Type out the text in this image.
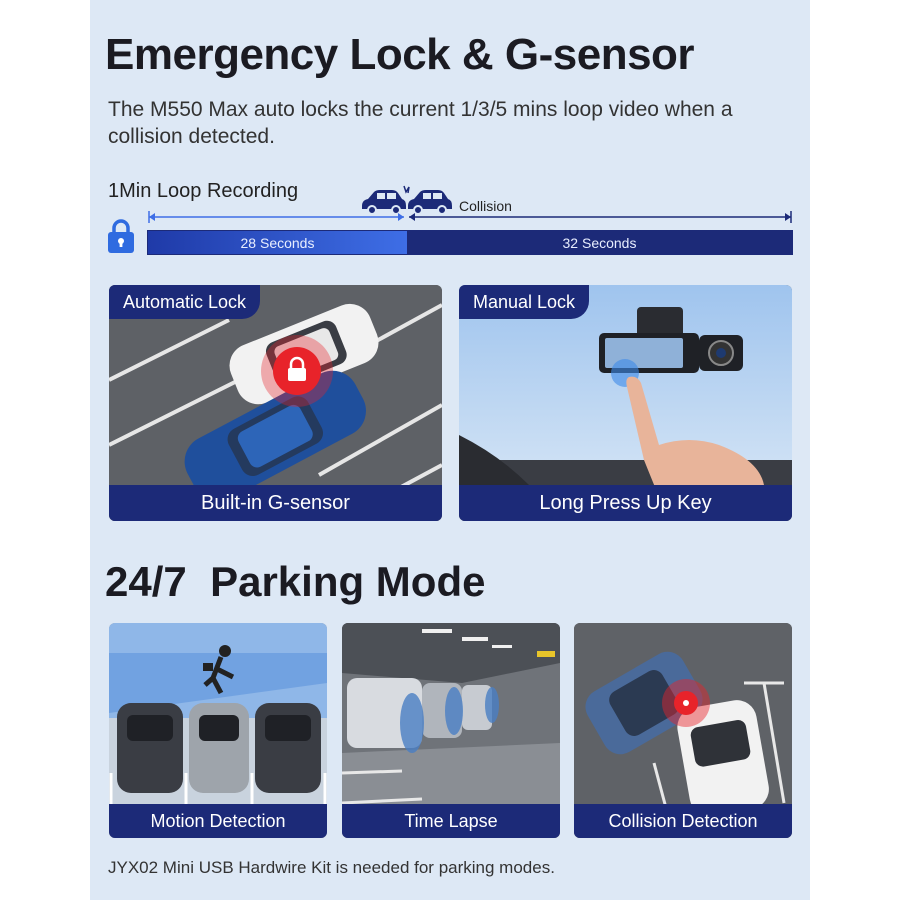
Emergency Lock & G-sensor
The M550 Max auto locks the current 1/3/5 mins loop video when a collision detected.
1Min Loop Recording
Collision
28 Seconds	32 Seconds
Automatic Lock
Built-in G-sensor
Manual Lock
Long Press Up Key
24/7  Parking Mode
Motion Detection	Time Lapse	Collision Detection
JYX02 Mini USB Hardwire Kit is needed for parking modes.
